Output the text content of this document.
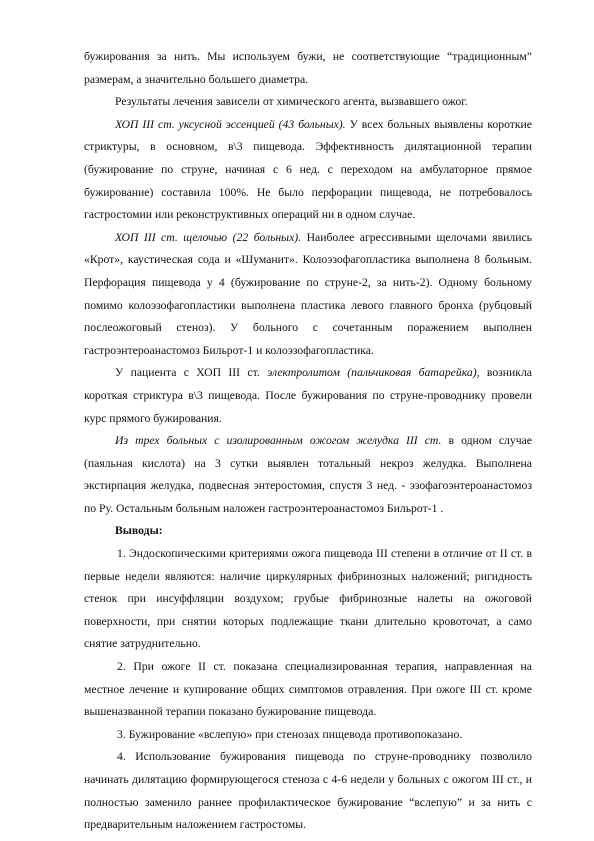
бужирования за нить. Мы используем бужи, не соответствующие “традиционным” размерам, а значительно большего диаметра.

Результаты лечения зависели от химического агента, вызвавшего ожог.

ХОП III ст. уксусной эссенцией (43 больных). У всех больных выявлены короткие стриктуры, в основном, в\3 пищевода. Эффективность дилятационной терапии (бужирование по струне, начиная с 6 нед. с переходом на амбулаторное прямое бужирование) составила 100%. Не было перфорации пищевода, не потребовалось гастростомии или реконструктивных операций ни в одном случае.

ХОП III ст. щелочью (22 больных). Наиболее агрессивными щелочами явились «Крот», каустическая сода и «Шуманит». Колоэзофагопластика выполнена 8 больным. Перфорация пищевода у 4 (бужирование по струне-2, за нить-2). Одному больному помимо колоэзофагопластики выполнена пластика левого главного бронха (рубцовый послеожоговый стеноз). У больного с сочетанным поражением выполнен гастроэнтероанастомоз Бильрот-1 и колоэзофагопластика.

У пациента с ХОП III ст. электролитом (пальчиковая батарейка), возникла короткая стриктура в\3 пищевода. После бужирования по струне-проводнику провели курс прямого бужирования.

Из трех больных с изолированным ожогом желудка III ст. в одном случае (паяльная кислота) на 3 сутки выявлен тотальный некроз желудка. Выполнена экстирпация желудка, подвесная энтеростомия, спустя 3 нед. - эзофагоэнтероанастомоз по Ру. Остальным больным наложен гастроэнтероанастомоз Бильрот-1 .

Выводы:

1. Эндоскопическими критериями ожога пищевода III степени в отличие от II ст. в первые недели являются: наличие циркулярных фибринозных наложений; ригидность стенок при инсуффляции воздухом; грубые фибринозные налеты на ожоговой поверхности, при снятии которых подлежащие ткани длительно кровоточат, а само снятие затруднительно.

2. При ожоге II ст. показана специализированная терапия, направленная на местное лечение и купирование общих симптомов отравления. При ожоге III ст. кроме вышеназванной терапии показано бужирование пищевода.

3. Бужирование «вслепую» при стенозах пищевода противопоказано.

4. Использование бужирования пищевода по струне-проводнику позволило начинать дилятацию формирующегося стеноза с 4-6 недели у больных с ожогом III ст., и полностью заменило раннее профилактическое бужирование “вслепую” и за нить с предварительным наложением гастростомы.
